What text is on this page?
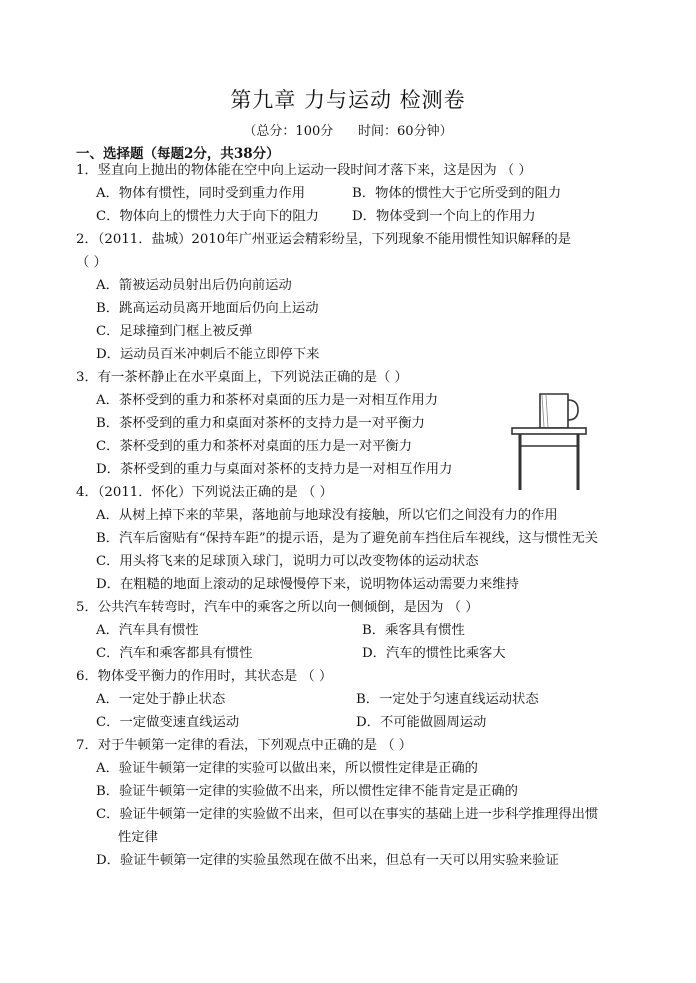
第九章 力与运动 检测卷
（总分：100分      时间：60分钟）
一、选择题（每题2分，共38分）
1．竖直向上抛出的物体能在空中向上运动一段时间才落下来，这是因为 （ ）
A．物体有惯性，同时受到重力作用	B．物体的惯性大于它所受到的阻力
C．物体向上的惯性力大于向下的阻力 D．物体受到一个向上的作用力
2．（2011．盐城）2010年广州亚运会精彩纷呈，下列现象不能用惯性知识解释的是
（ ）
A．箭被运动员射出后仍向前运动
B．跳高运动员离开地面后仍向上运动
C．足球撞到门框上被反弹
D．运动员百米冲刺后不能立即停下来
3．有一茶杯静止在水平桌面上，下列说法正确的是（ ）
A．茶杯受到的重力和茶杯对桌面的压力是一对相互作用力
B．茶杯受到的重力和桌面对茶杯的支持力是一对平衡力
C．茶杯受到的重力和茶杯对桌面的压力是一对平衡力
D．茶杯受到的重力与桌面对茶杯的支持力是一对相互作用力
4．（2011．怀化）下列说法正确的是 （ ）
A．从树上掉下来的苹果，落地前与地球没有接触，所以它们之间没有力的作用
B．汽车后窗贴有“保持车距”的提示语，是为了避免前车挡住后车视线，这与惯性无关
C．用头将飞来的足球顶入球门，说明力可以改变物体的运动状态
D．在粗糙的地面上滚动的足球慢慢停下来，说明物体运动需要力来维持
5．公共汽车转弯时，汽车中的乘客之所以向一侧倾倒，是因为 （ ）
A．汽车具有惯性	B．乘客具有惯性
C．汽车和乘客都具有惯性	D．汽车的惯性比乘客大
6．物体受平衡力的作用时，其状态是 （ ）
A．一定处于静止状态	B．一定处于匀速直线运动状态
C．一定做变速直线运动	D．不可能做圆周运动
7．对于牛顿第一定律的看法，下列观点中正确的是 （ ）
A．验证牛顿第一定律的实验可以做出来，所以惯性定律是正确的
B．验证牛顿第一定律的实验做不出来，所以惯性定律不能肯定是正确的
C．验证牛顿第一定律的实验做不出来，但可以在事实的基础上进一步科学推理得出惯
性定律
D．验证牛顿第一定律的实验虽然现在做不出来，但总有一天可以用实验来验证
